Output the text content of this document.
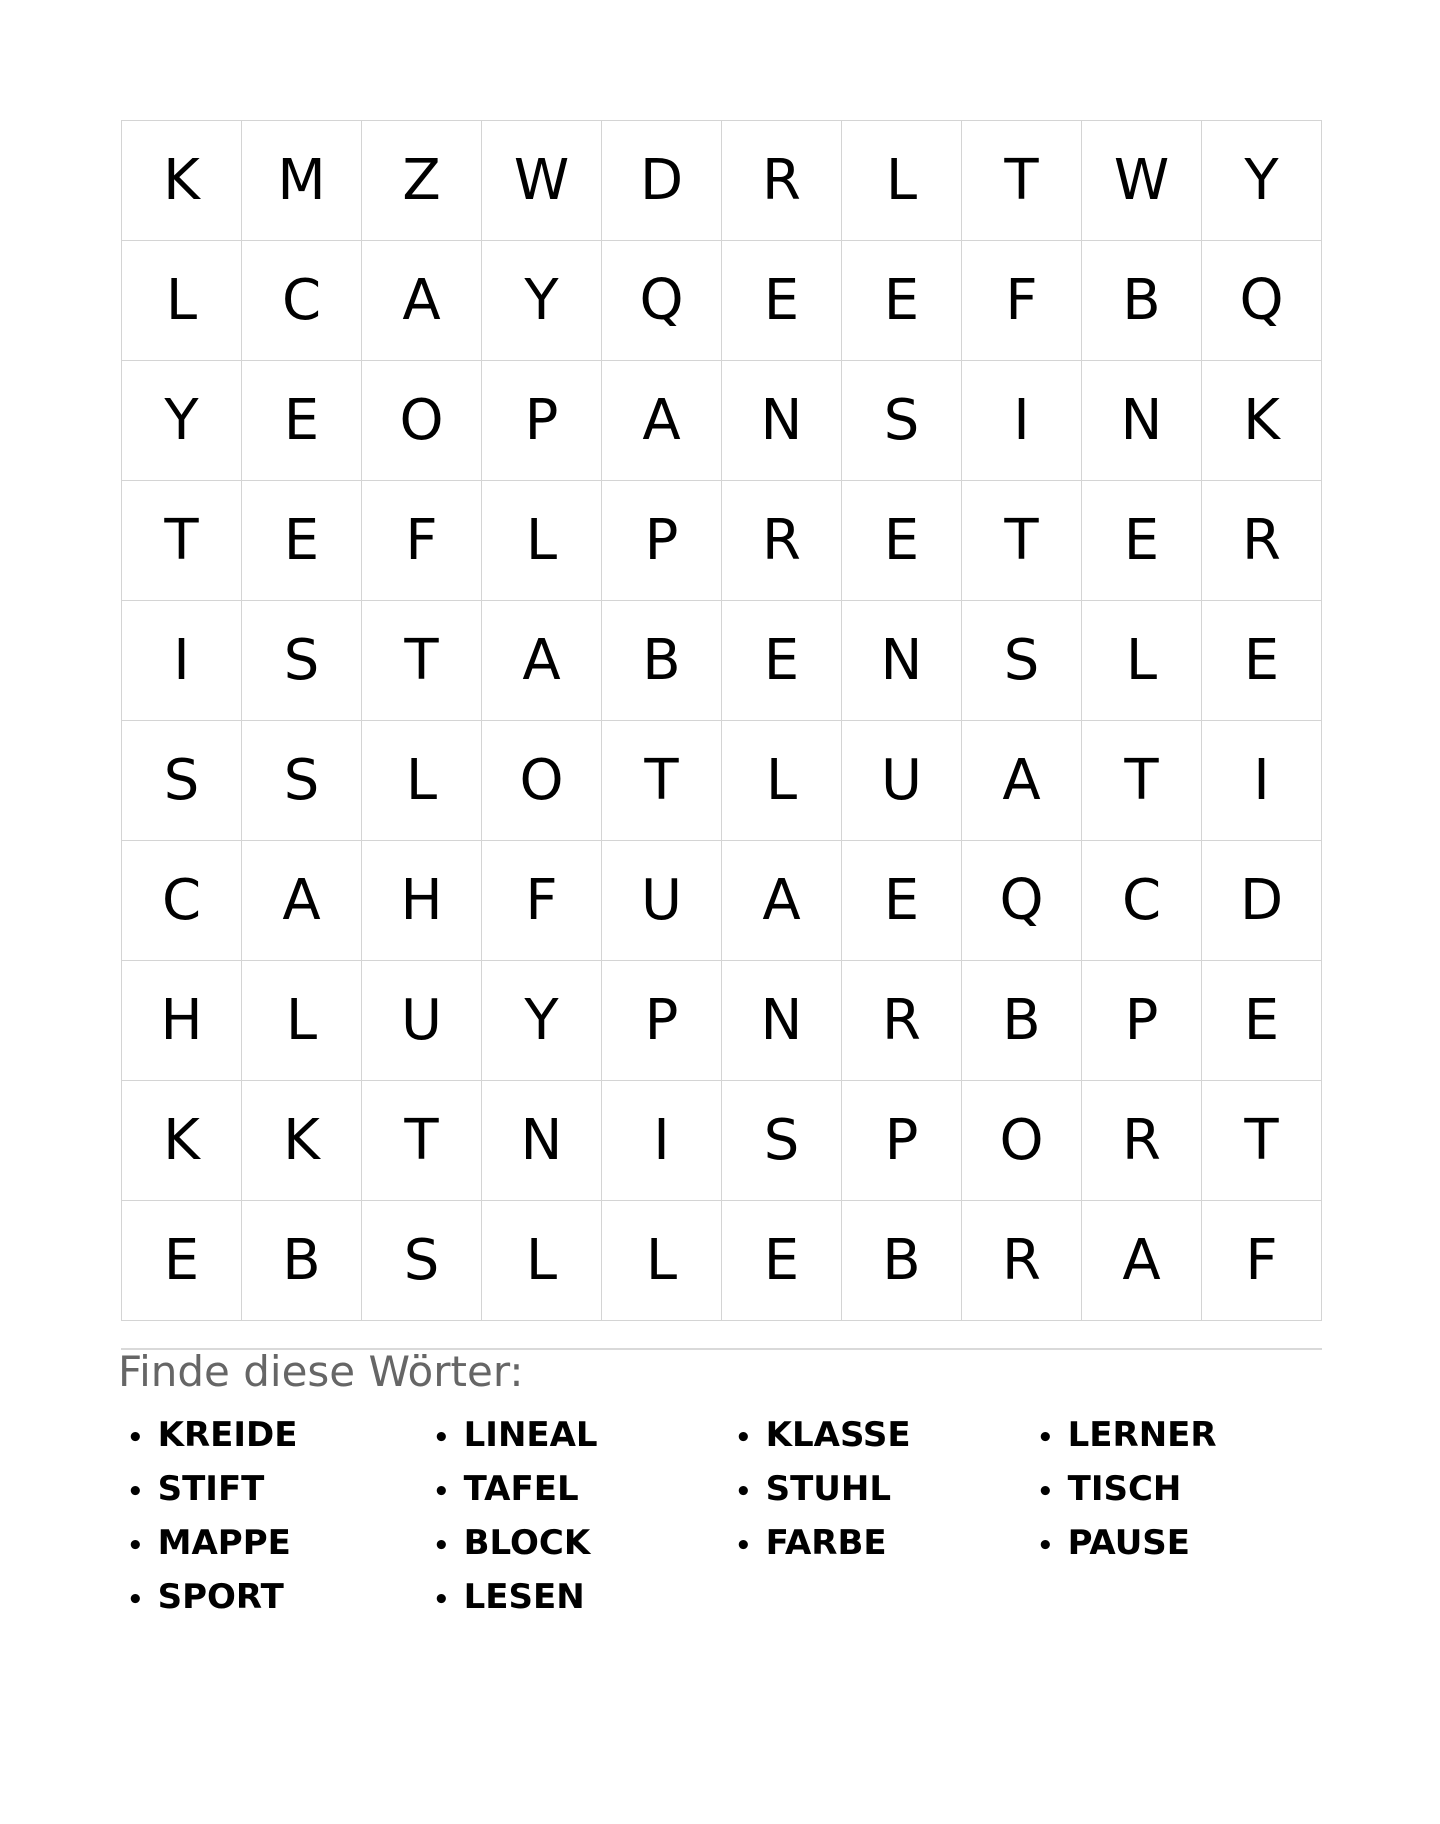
K	M	Z	W	D	R	L	T	W	Y
L	C	A	Y	Q	E	E	F	B	Q
Y	E	O	P	A	N	S	I	N	K
T	E	F	L	P	R	E	T	E	R
I	S	T	A	B	E	N	S	L	E
S	S	L	O	T	L	U	A	T	I
C	A	H	F	U	A	E	Q	C	D
H	L	U	Y	P	N	R	B	P	E
K	K	T	N	I	S	P	O	R	T
E	B	S	L	L	E	B	R	A	F
Finde diese Wörter:
• KREIDE
• STIFT
• MAPPE
• SPORT
• LINEAL
• TAFEL
• BLOCK
• LESEN
• KLASSE
• STUHL
• FARBE
• LERNER
• TISCH
• PAUSE
